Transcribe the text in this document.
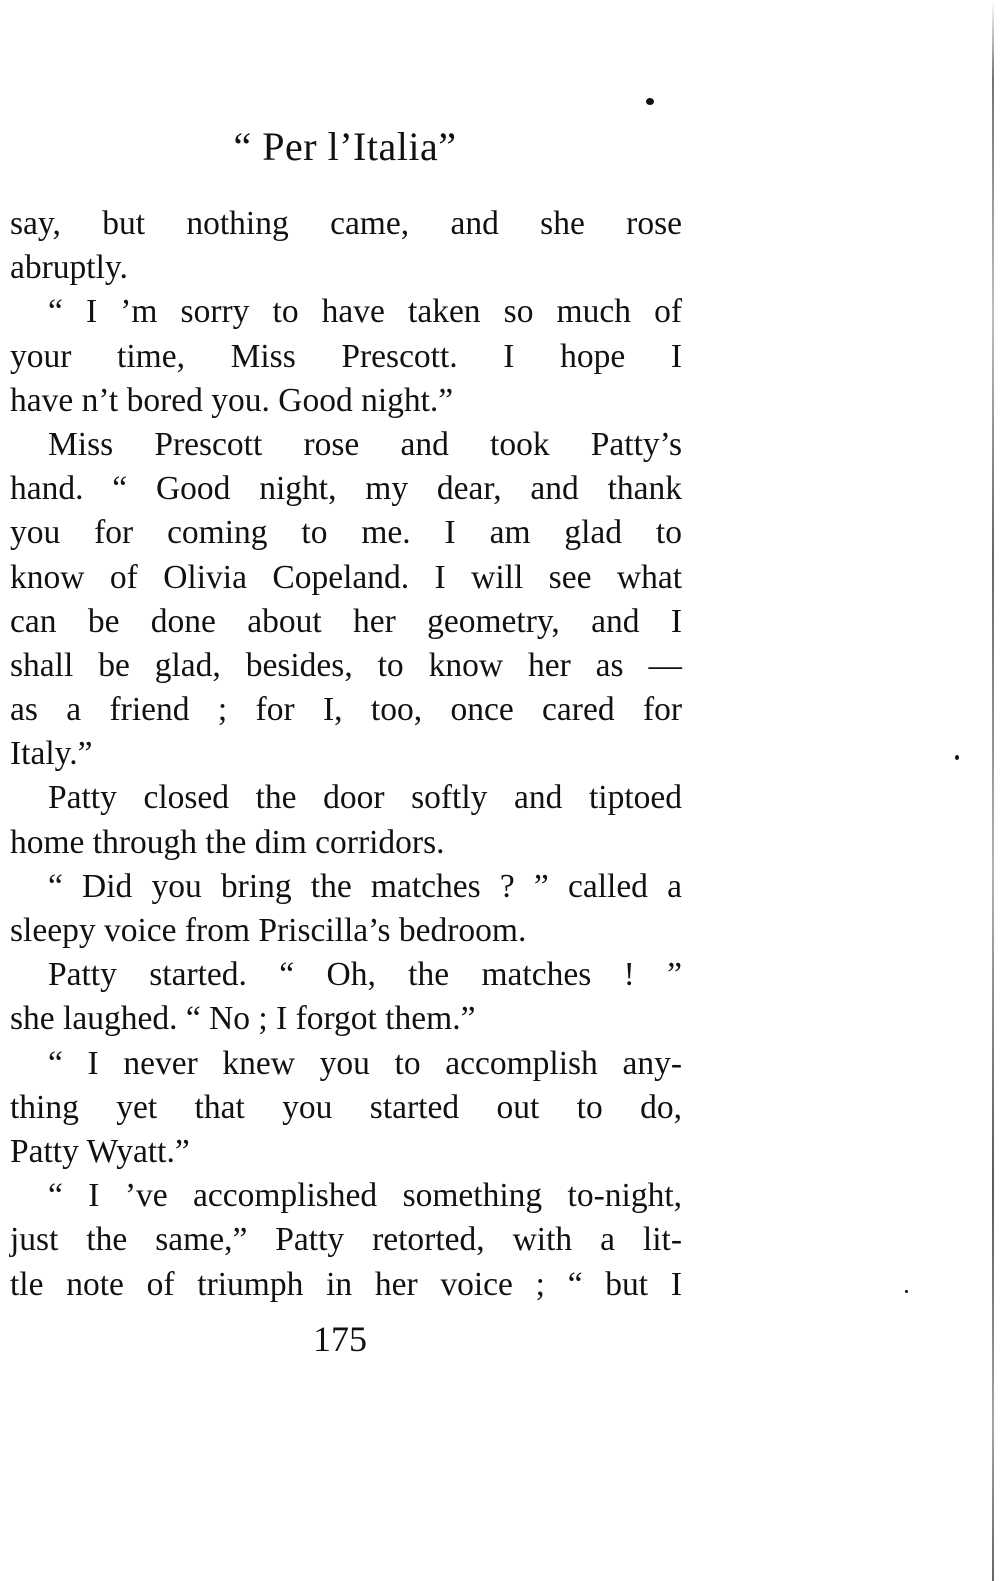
“ Per l’Italia”
say, but nothing came, and she rose
abruptly.
“ I ’m sorry to have taken so much of
your time, Miss Prescott. I hope I
have n’t bored you. Good night.”
Miss Prescott rose and took Patty’s
hand. “ Good night, my dear, and thank
you for coming to me. I am glad to
know of Olivia Copeland. I will see what
can be done about her geometry, and I
shall be glad, besides, to know her as —
as a friend ; for I, too, once cared for
Italy.”
Patty closed the door softly and tiptoed
home through the dim corridors.
“ Did you bring the matches ? ” called a
sleepy voice from Priscilla’s bedroom.
Patty started. “ Oh, the matches ! ”
she laughed. “ No ; I forgot them.”
“ I never knew you to accomplish any-
thing yet that you started out to do,
Patty Wyatt.”
“ I ’ve accomplished something to-night,
just the same,” Patty retorted, with a lit-
tle note of triumph in her voice ; “ but I
175
